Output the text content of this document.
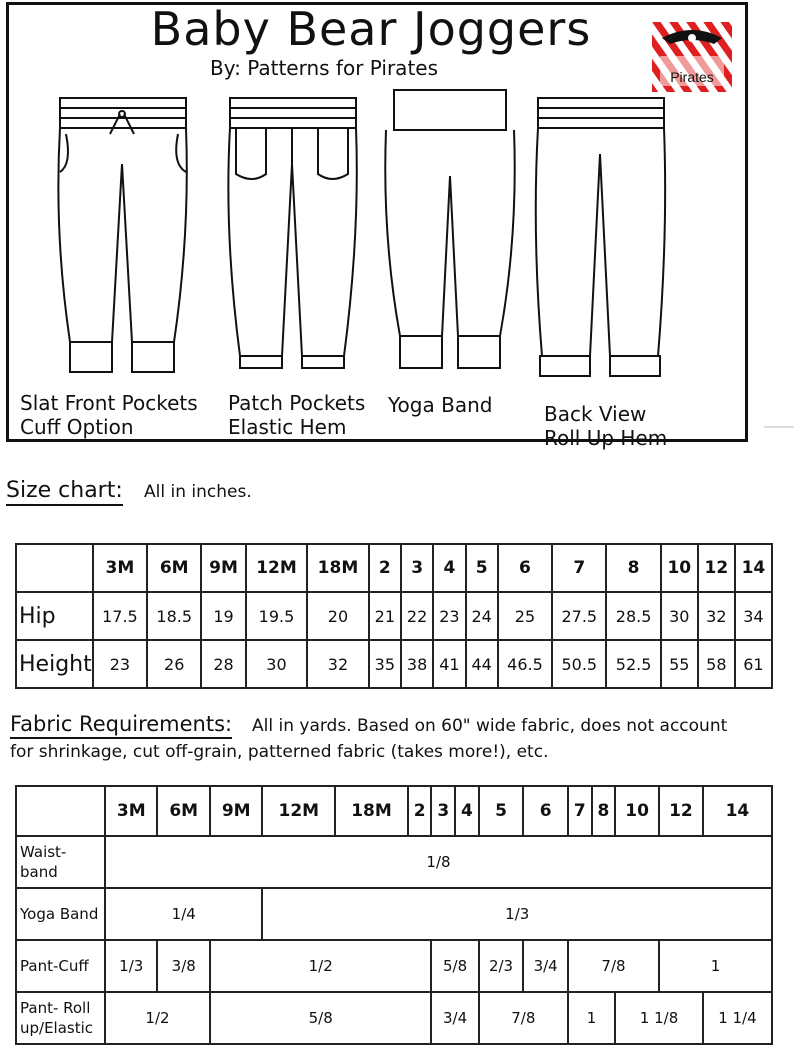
Baby Bear Joggers
By: Patterns for Pirates	Pirates
Slat Front Pockets
Cuff Option
Patch Pockets
Elastic Hem
Yoga Band	Back View
Roll Up Hem
Size chart: All in inches.
	3M	6M	9M	12M	18M	2	3	4	5	6	7	8	10	12	14
Hip	17.5	18.5	19	19.5	20	21	22	23	24	25	27.5	28.5	30	32	34
Height	23	26	28	30	32	35	38	41	44	46.5	50.5	52.5	55	58	61
Fabric Requirements: All in yards. Based on 60" wide fabric, does not account
for shrinkage, cut off-grain, patterned fabric (takes more!), etc.
	3M	6M	9M	12M	18M	2	3	4	5	6	7	8	10	12	14
Waist-band	1/8														
Yoga Band	1/4			1/3											
Pant-Cuff	1/3	3/8	1/2				5/8		2/3	3/4	7/8			1	
Pant- Roll up/Elastic	1/2		5/8				3/4		7/8		1		1 1/8		1 1/4
